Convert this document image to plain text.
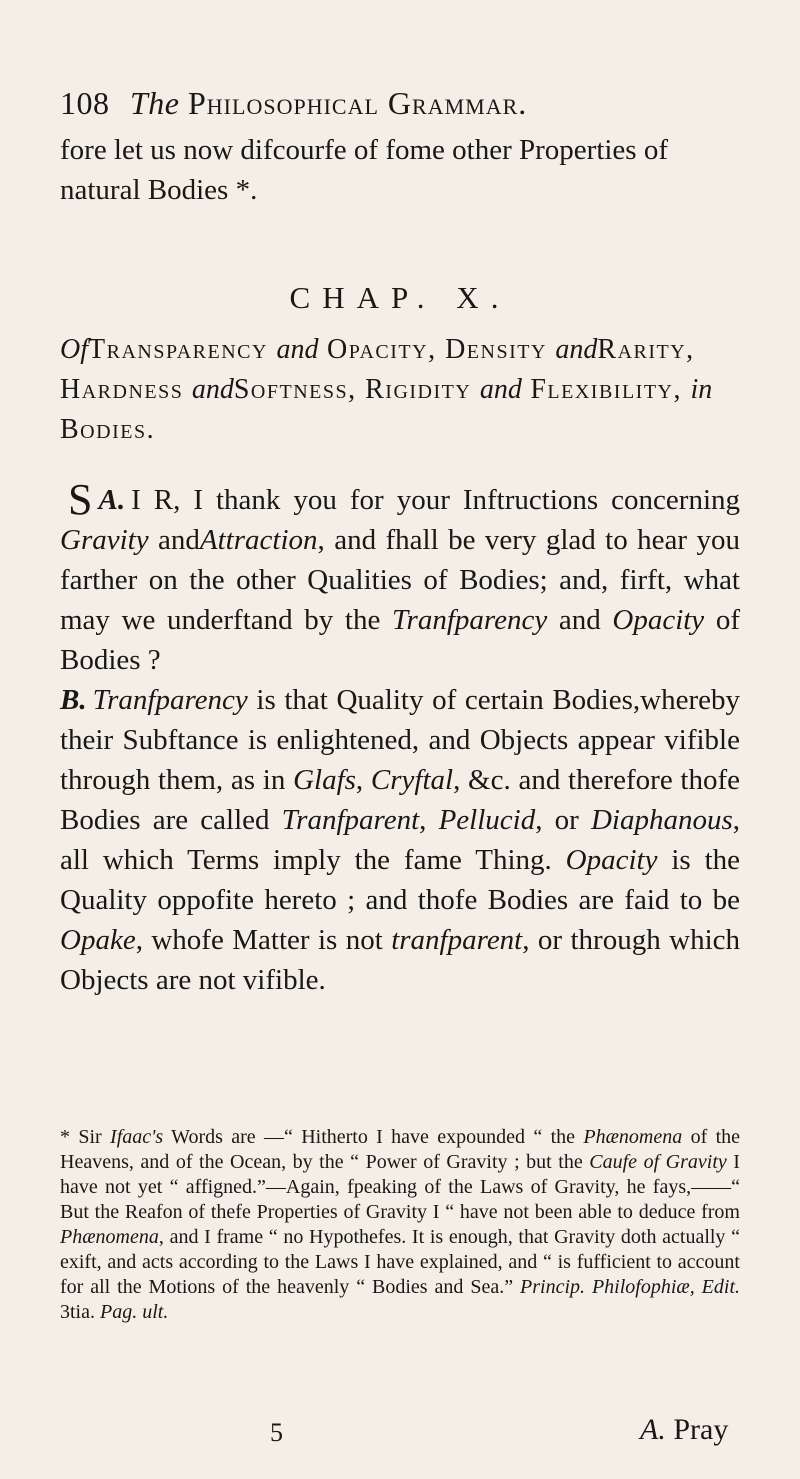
108 The Philosophical Grammar.
fore let us now difcourfe of fome other Properties of natural Bodies *.
CHAP. X.
OfTransparency and Opacity, Density andRarity, Hardness andSoftness, Rigidity and Flexibility, in Bodies.

A.
S I R, I thank you for your Inftructions concerning Gravity andAttraction, and fhall be very glad to hear you farther on the other Qualities of Bodies; and, firft, what may we underftand by the Tranfparency and Opacity of Bodies ?

B. Tranfparency is that Quality of certain Bodies,whereby their Subftance is enlightened, and Objects appear vifible through them, as in Glafs, Cryftal, &c. and therefore thofe Bodies are called Tranfparent, Pellucid, or Diaphanous, all which Terms imply the fame Thing. Opacity is the Quality oppofite hereto ; and thofe Bodies are faid to be Opake, whofe Matter is not tranfparent, or through which Objects are not vifible.

* Sir Ifaac's Words are —“ Hitherto I have expounded “ the Phænomena of the Heavens, and of the Ocean, by the “ Power of Gravity ; but the Caufe of Gravity I have not yet “ affigned.”—Again, fpeaking of the Laws of Gravity, he fays,——“ But the Reafon of thefe Properties of Gravity I “ have not been able to deduce from Phænomena, and I frame “ no Hypothefes. It is enough, that Gravity doth actually “ exift, and acts according to the Laws I have explained, and “ is fufficient to account for all the Motions of the heavenly “ Bodies and Sea.” Princip. Philofophiæ, Edit. 3tia. Pag. ult.

5	A. Pray
